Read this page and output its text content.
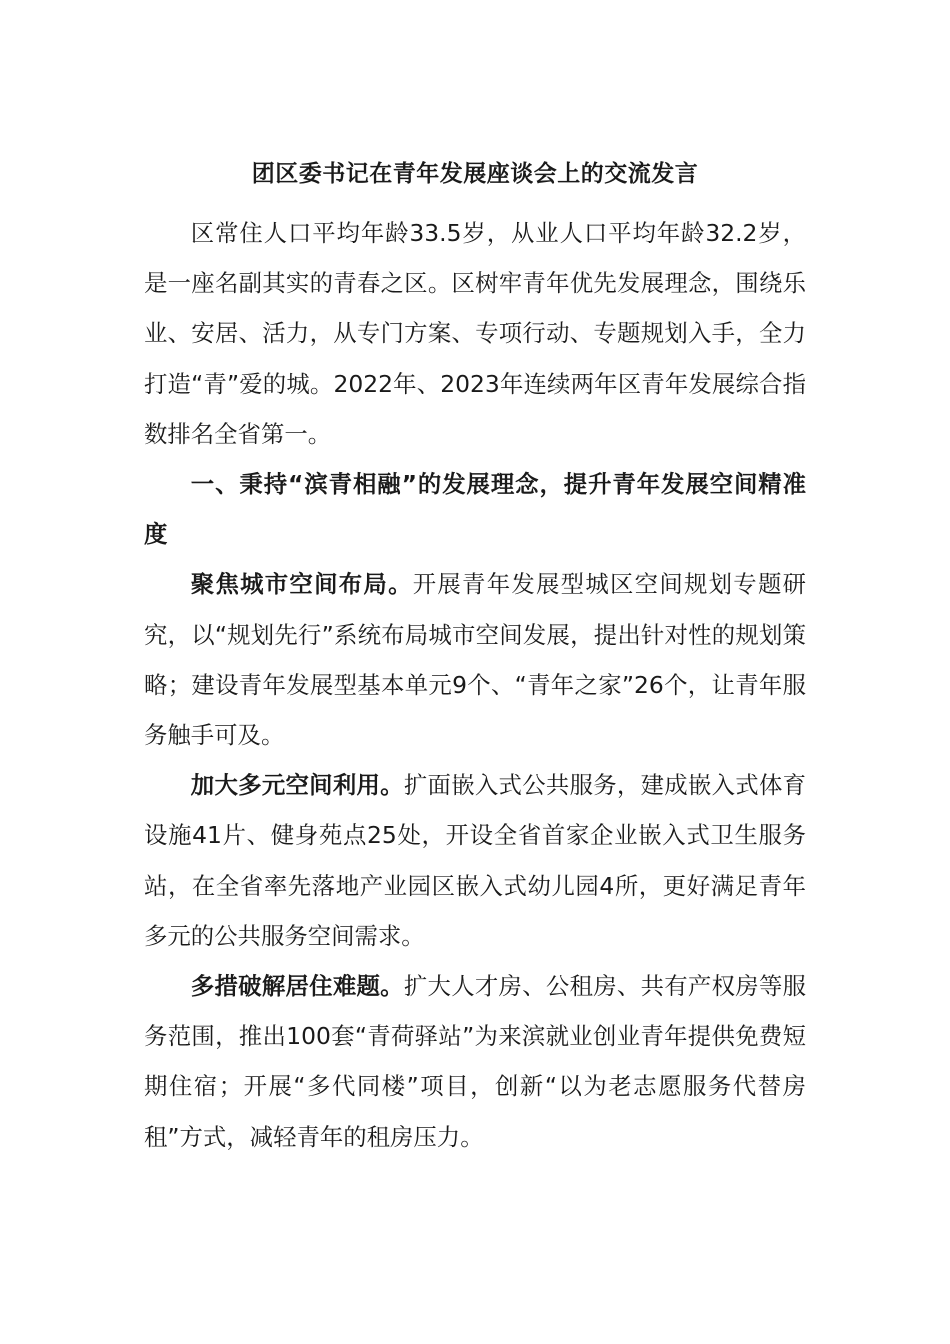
团区委书记在青年发展座谈会上的交流发言

区常住人口平均年龄33.5岁，从业人口平均年龄32.2岁，是一座名副其实的青春之区。区树牢青年优先发展理念，围绕乐业、安居、活力，从专门方案、专项行动、专题规划入手，全力打造“青”爱的城。2022年、2023年连续两年区青年发展综合指数排名全省第一。

一、秉持“滨青相融”的发展理念，提升青年发展空间精准度

聚焦城市空间布局。开展青年发展型城区空间规划专题研究，以“规划先行”系统布局城市空间发展，提出针对性的规划策略；建设青年发展型基本单元9个、“青年之家”26个，让青年服务触手可及。

加大多元空间利用。扩面嵌入式公共服务，建成嵌入式体育设施41片、健身苑点25处，开设全省首家企业嵌入式卫生服务站，在全省率先落地产业园区嵌入式幼儿园4所，更好满足青年多元的公共服务空间需求。

多措破解居住难题。扩大人才房、公租房、共有产权房等服务范围，推出100套“青荷驿站”为来滨就业创业青年提供免费短期住宿；开展“多代同楼”项目，创新“以为老志愿服务代替房租”方式，减轻青年的租房压力。
